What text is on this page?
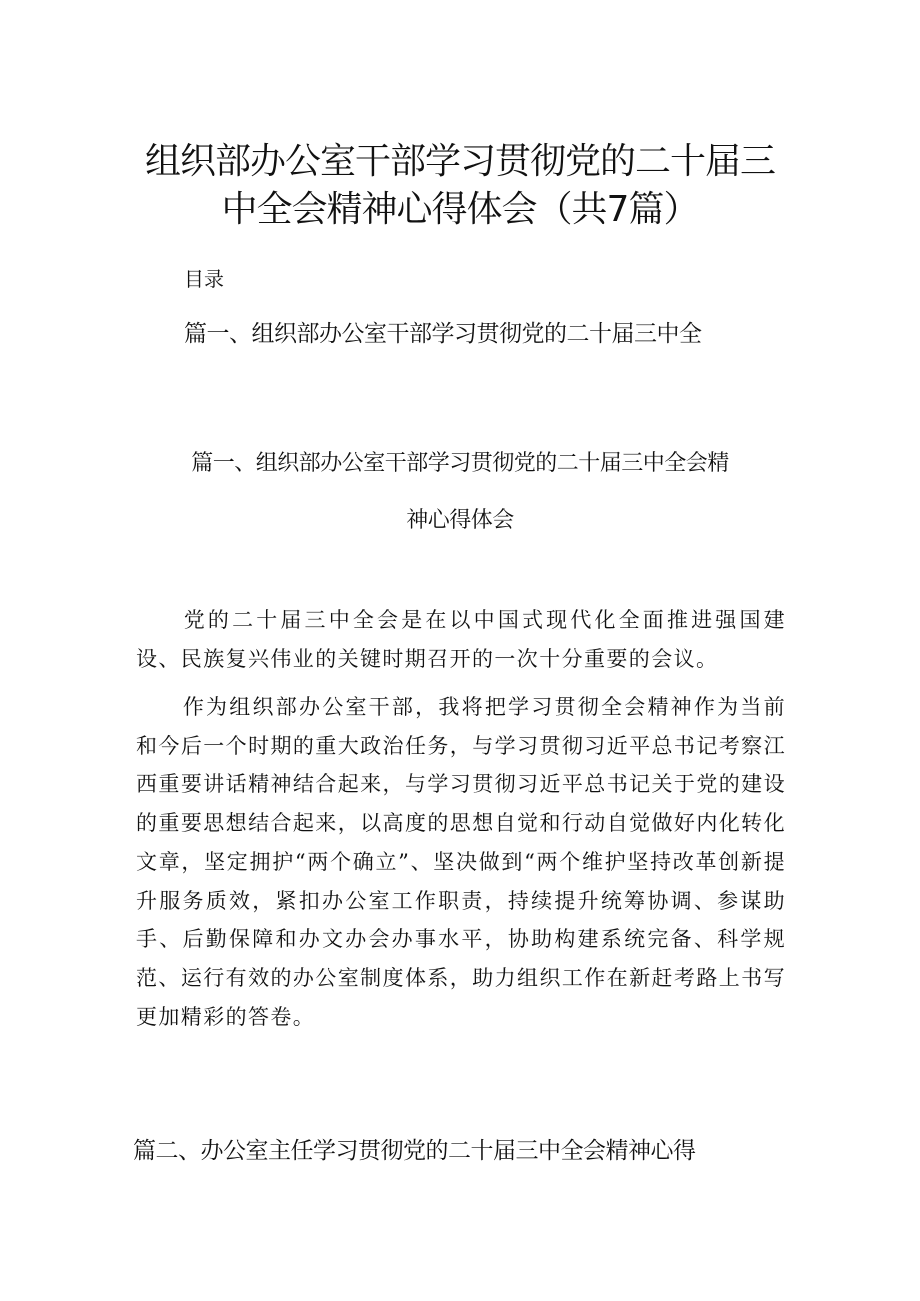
组织部办公室干部学习贯彻党的二十届三
中全会精神心得体会（共7篇）
目录
篇一、组织部办公室干部学习贯彻党的二十届三中全
篇一、组织部办公室干部学习贯彻党的二十届三中全会精
神心得体会
党的二十届三中全会是在以中国式现代化全面推进强国建设、民族复兴伟业的关键时期召开的一次十分重要的会议。
作为组织部办公室干部，我将把学习贯彻全会精神作为当前和今后一个时期的重大政治任务，与学习贯彻习近平总书记考察江西重要讲话精神结合起来，与学习贯彻习近平总书记关于党的建设的重要思想结合起来，以高度的思想自觉和行动自觉做好内化转化文章，坚定拥护“两个确立”、坚决做到“两个维护坚持改革创新提升服务质效，紧扣办公室工作职责，持续提升统筹协调、参谋助手、后勤保障和办文办会办事水平，协助构建系统完备、科学规范、运行有效的办公室制度体系，助力组织工作在新赶考路上书写更加精彩的答卷。
篇二、办公室主任学习贯彻党的二十届三中全会精神心得
